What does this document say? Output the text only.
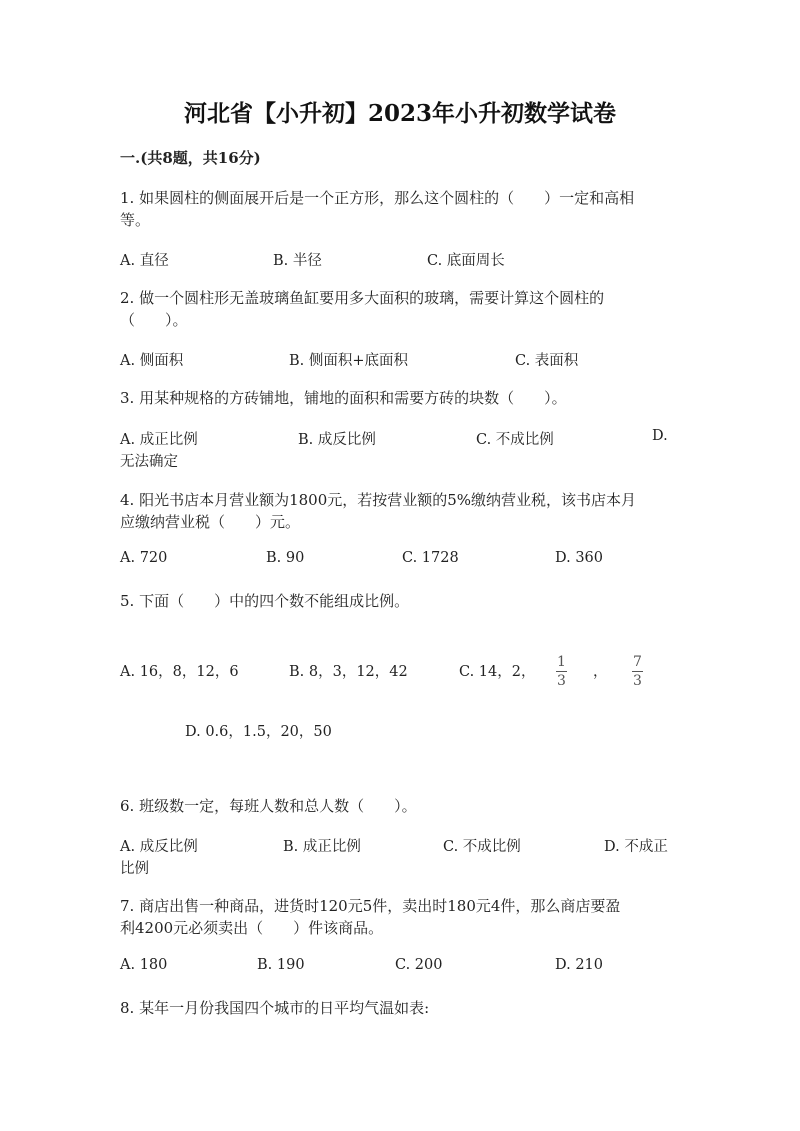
河北省【小升初】2023年小升初数学试卷
一.(共8题，共16分)
1. 如果圆柱的侧面展开后是一个正方形，那么这个圆柱的（　　）一定和高相
等。
A. 直径	B. 半径	C. 底面周长
2. 做一个圆柱形无盖玻璃鱼缸要用多大面积的玻璃，需要计算这个圆柱的
（　　）。
A. 侧面积	B. 侧面积+底面积	C. 表面积
3. 用某种规格的方砖铺地，铺地的面积和需要方砖的块数（　　）。
A. 成正比例	B. 成反比例	C. 不成比例	D.
无法确定
4. 阳光书店本月营业额为1800元，若按营业额的5%缴纳营业税，该书店本月
应缴纳营业税（　　）元。
A. 720	B. 90	C. 1728	D. 360
5. 下面（　　）中的四个数不能组成比例。
A. 16，8，12，6	B. 8，3，12，42	C. 14，2，
1
3
，
7
3
D. 0.6，1.5，20，50
6. 班级数一定，每班人数和总人数（　　）。
A. 成反比例	B. 成正比例	C. 不成比例	D. 不成正
比例
7. 商店出售一种商品，进货时120元5件，卖出时180元4件，那么商店要盈
利4200元必须卖出（　　）件该商品。
A. 180	B. 190	C. 200	D. 210
8. 某年一月份我国四个城市的日平均气温如表:
